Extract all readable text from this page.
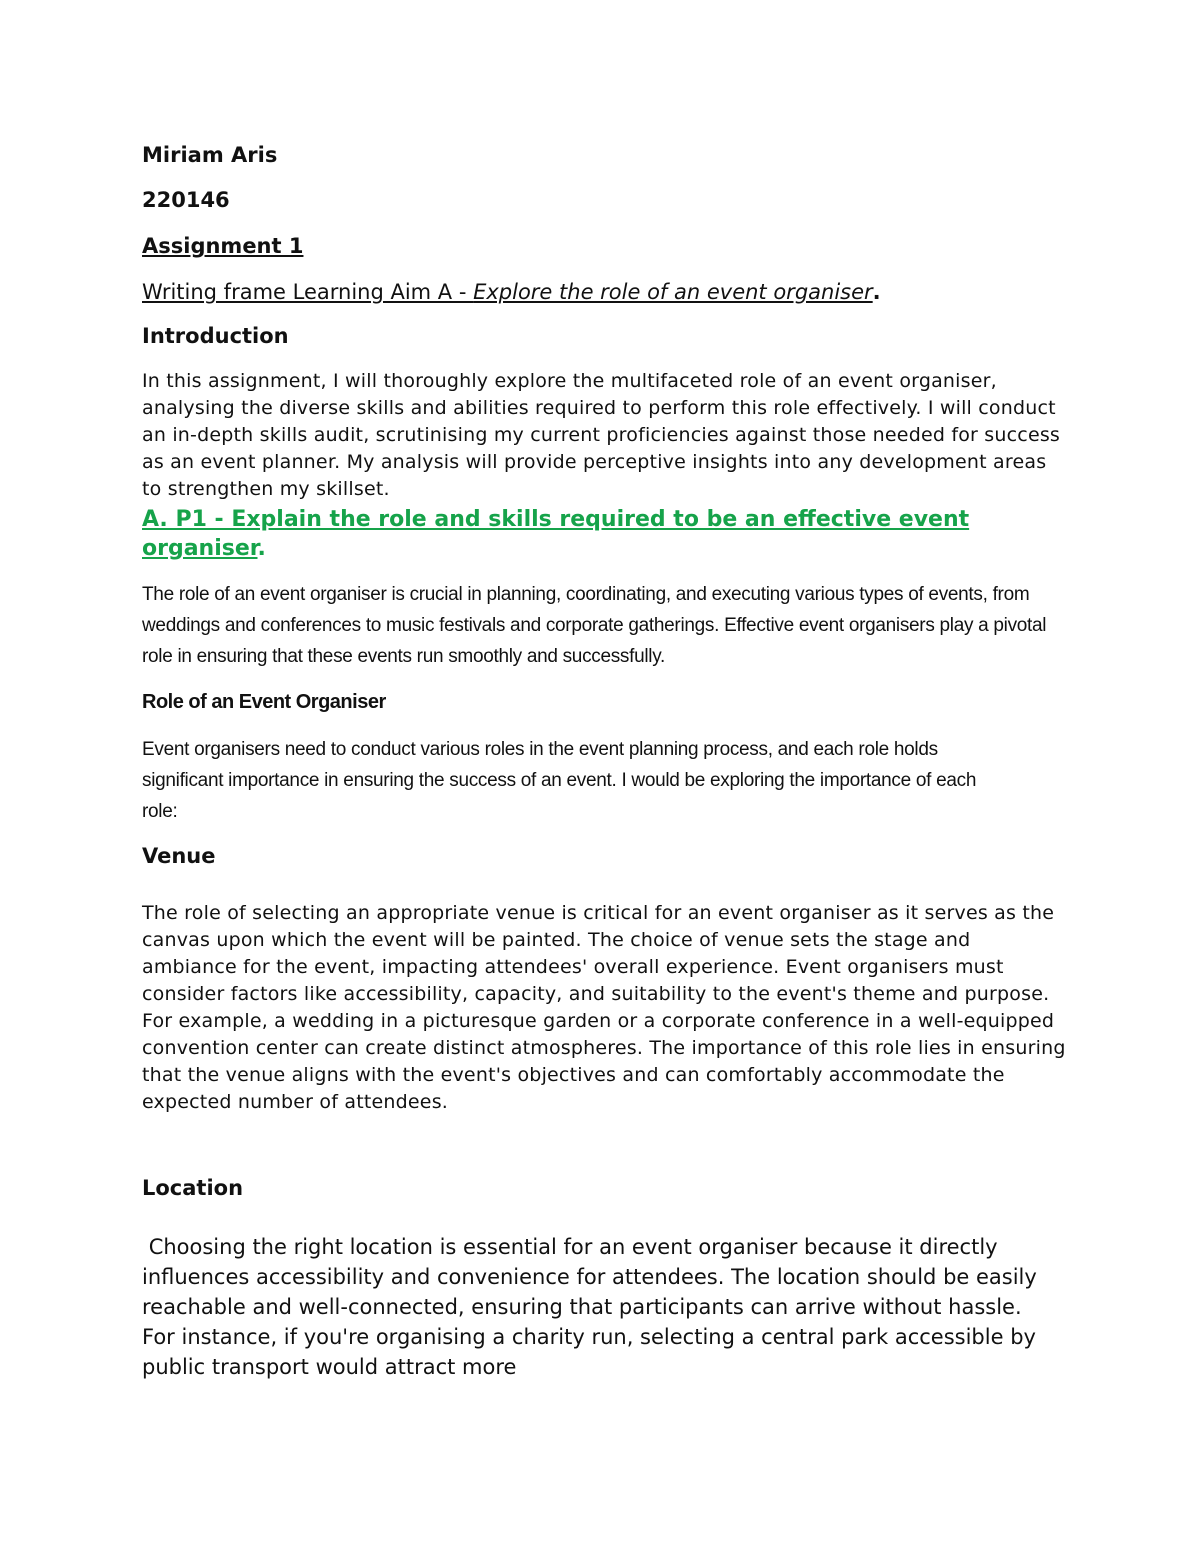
Miriam Aris

220146

Assignment 1

Writing frame Learning Aim A - Explore the role of an event organiser.

Introduction

In this assignment, I will thoroughly explore the multifaceted role of an event organiser, analysing the diverse skills and abilities required to perform this role effectively. I will conduct an in-depth skills audit, scrutinising my current proficiencies against those needed for success as an event planner. My analysis will provide perceptive insights into any development areas to strengthen my skillset.

A. P1 - Explain the role and skills required to be an effective event organiser.

The role of an event organiser is crucial in planning, coordinating, and executing various types of events, from weddings and conferences to music festivals and corporate gatherings. Effective event organisers play a pivotal role in ensuring that these events run smoothly and successfully.

Role of an Event Organiser

Event organisers need to conduct various roles in the event planning process, and each role holds significant importance in ensuring the success of an event. I would be exploring the importance of each role:

Venue

The role of selecting an appropriate venue is critical for an event organiser as it serves as the canvas upon which the event will be painted. The choice of venue sets the stage and ambiance for the event, impacting attendees' overall experience. Event organisers must consider factors like accessibility, capacity, and suitability to the event's theme and purpose. For example, a wedding in a picturesque garden or a corporate conference in a well-equipped convention center can create distinct atmospheres. The importance of this role lies in ensuring that the venue aligns with the event's objectives and can comfortably accommodate the expected number of attendees.

Location

Choosing the right location is essential for an event organiser because it directly influences accessibility and convenience for attendees. The location should be easily reachable and well-connected, ensuring that participants can arrive without hassle. For instance, if you're organising a charity run, selecting a central park accessible by public transport would attract more
